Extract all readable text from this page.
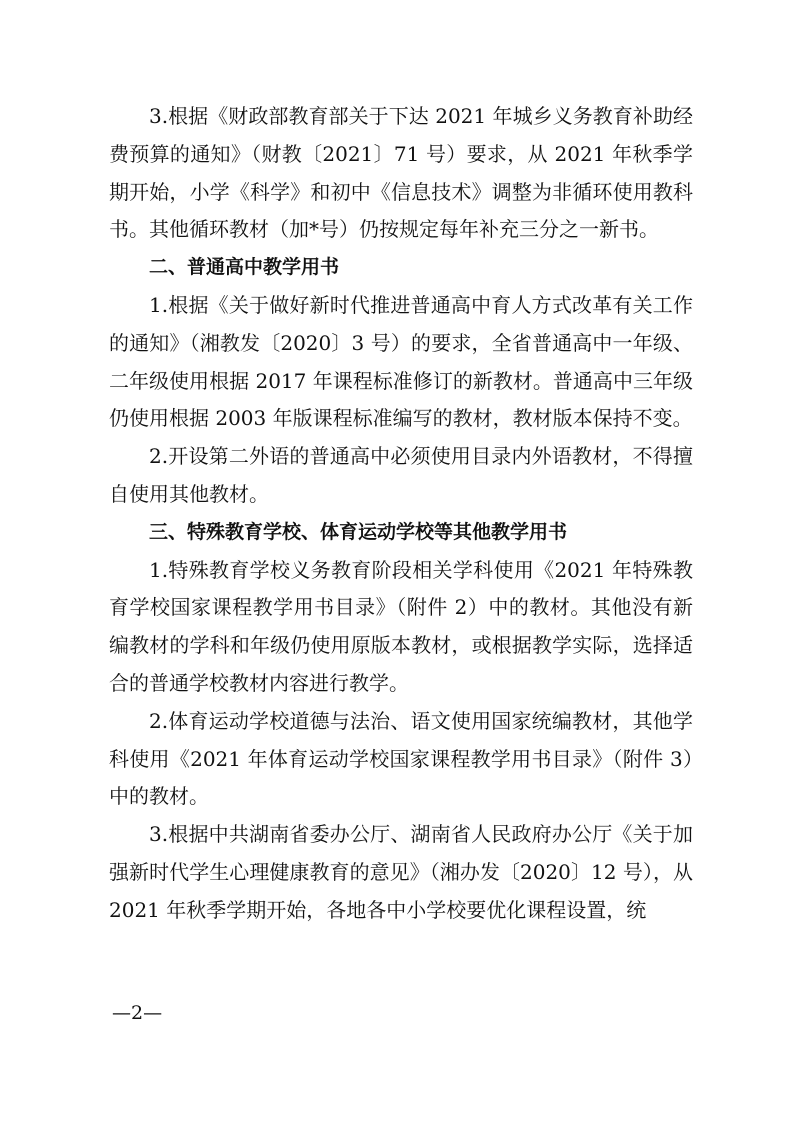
3.根据《财政部教育部关于下达 2021 年城乡义务教育补助经费预算的通知》（财教〔2021〕71 号）要求，从 2021 年秋季学期开始，小学《科学》和初中《信息技术》调整为非循环使用教科书。其他循环教材（加*号）仍按规定每年补充三分之一新书。

二、普通高中教学用书

1.根据《关于做好新时代推进普通高中育人方式改革有关工作的通知》（湘教发〔2020〕3 号）的要求，全省普通高中一年级、二年级使用根据 2017 年课程标准修订的新教材。普通高中三年级仍使用根据 2003 年版课程标准编写的教材，教材版本保持不变。

2.开设第二外语的普通高中必须使用目录内外语教材，不得擅自使用其他教材。

三、特殊教育学校、体育运动学校等其他教学用书

1.特殊教育学校义务教育阶段相关学科使用《2021 年特殊教育学校国家课程教学用书目录》（附件 2）中的教材。其他没有新编教材的学科和年级仍使用原版本教材，或根据教学实际，选择适合的普通学校教材内容进行教学。

2.体育运动学校道德与法治、语文使用国家统编教材，其他学科使用《2021 年体育运动学校国家课程教学用书目录》（附件 3）中的教材。

3.根据中共湖南省委办公厅、湖南省人民政府办公厅《关于加强新时代学生心理健康教育的意见》（湘办发〔2020〕12 号），从 2021 年秋季学期开始，各地各中小学校要优化课程设置，统

—2—
